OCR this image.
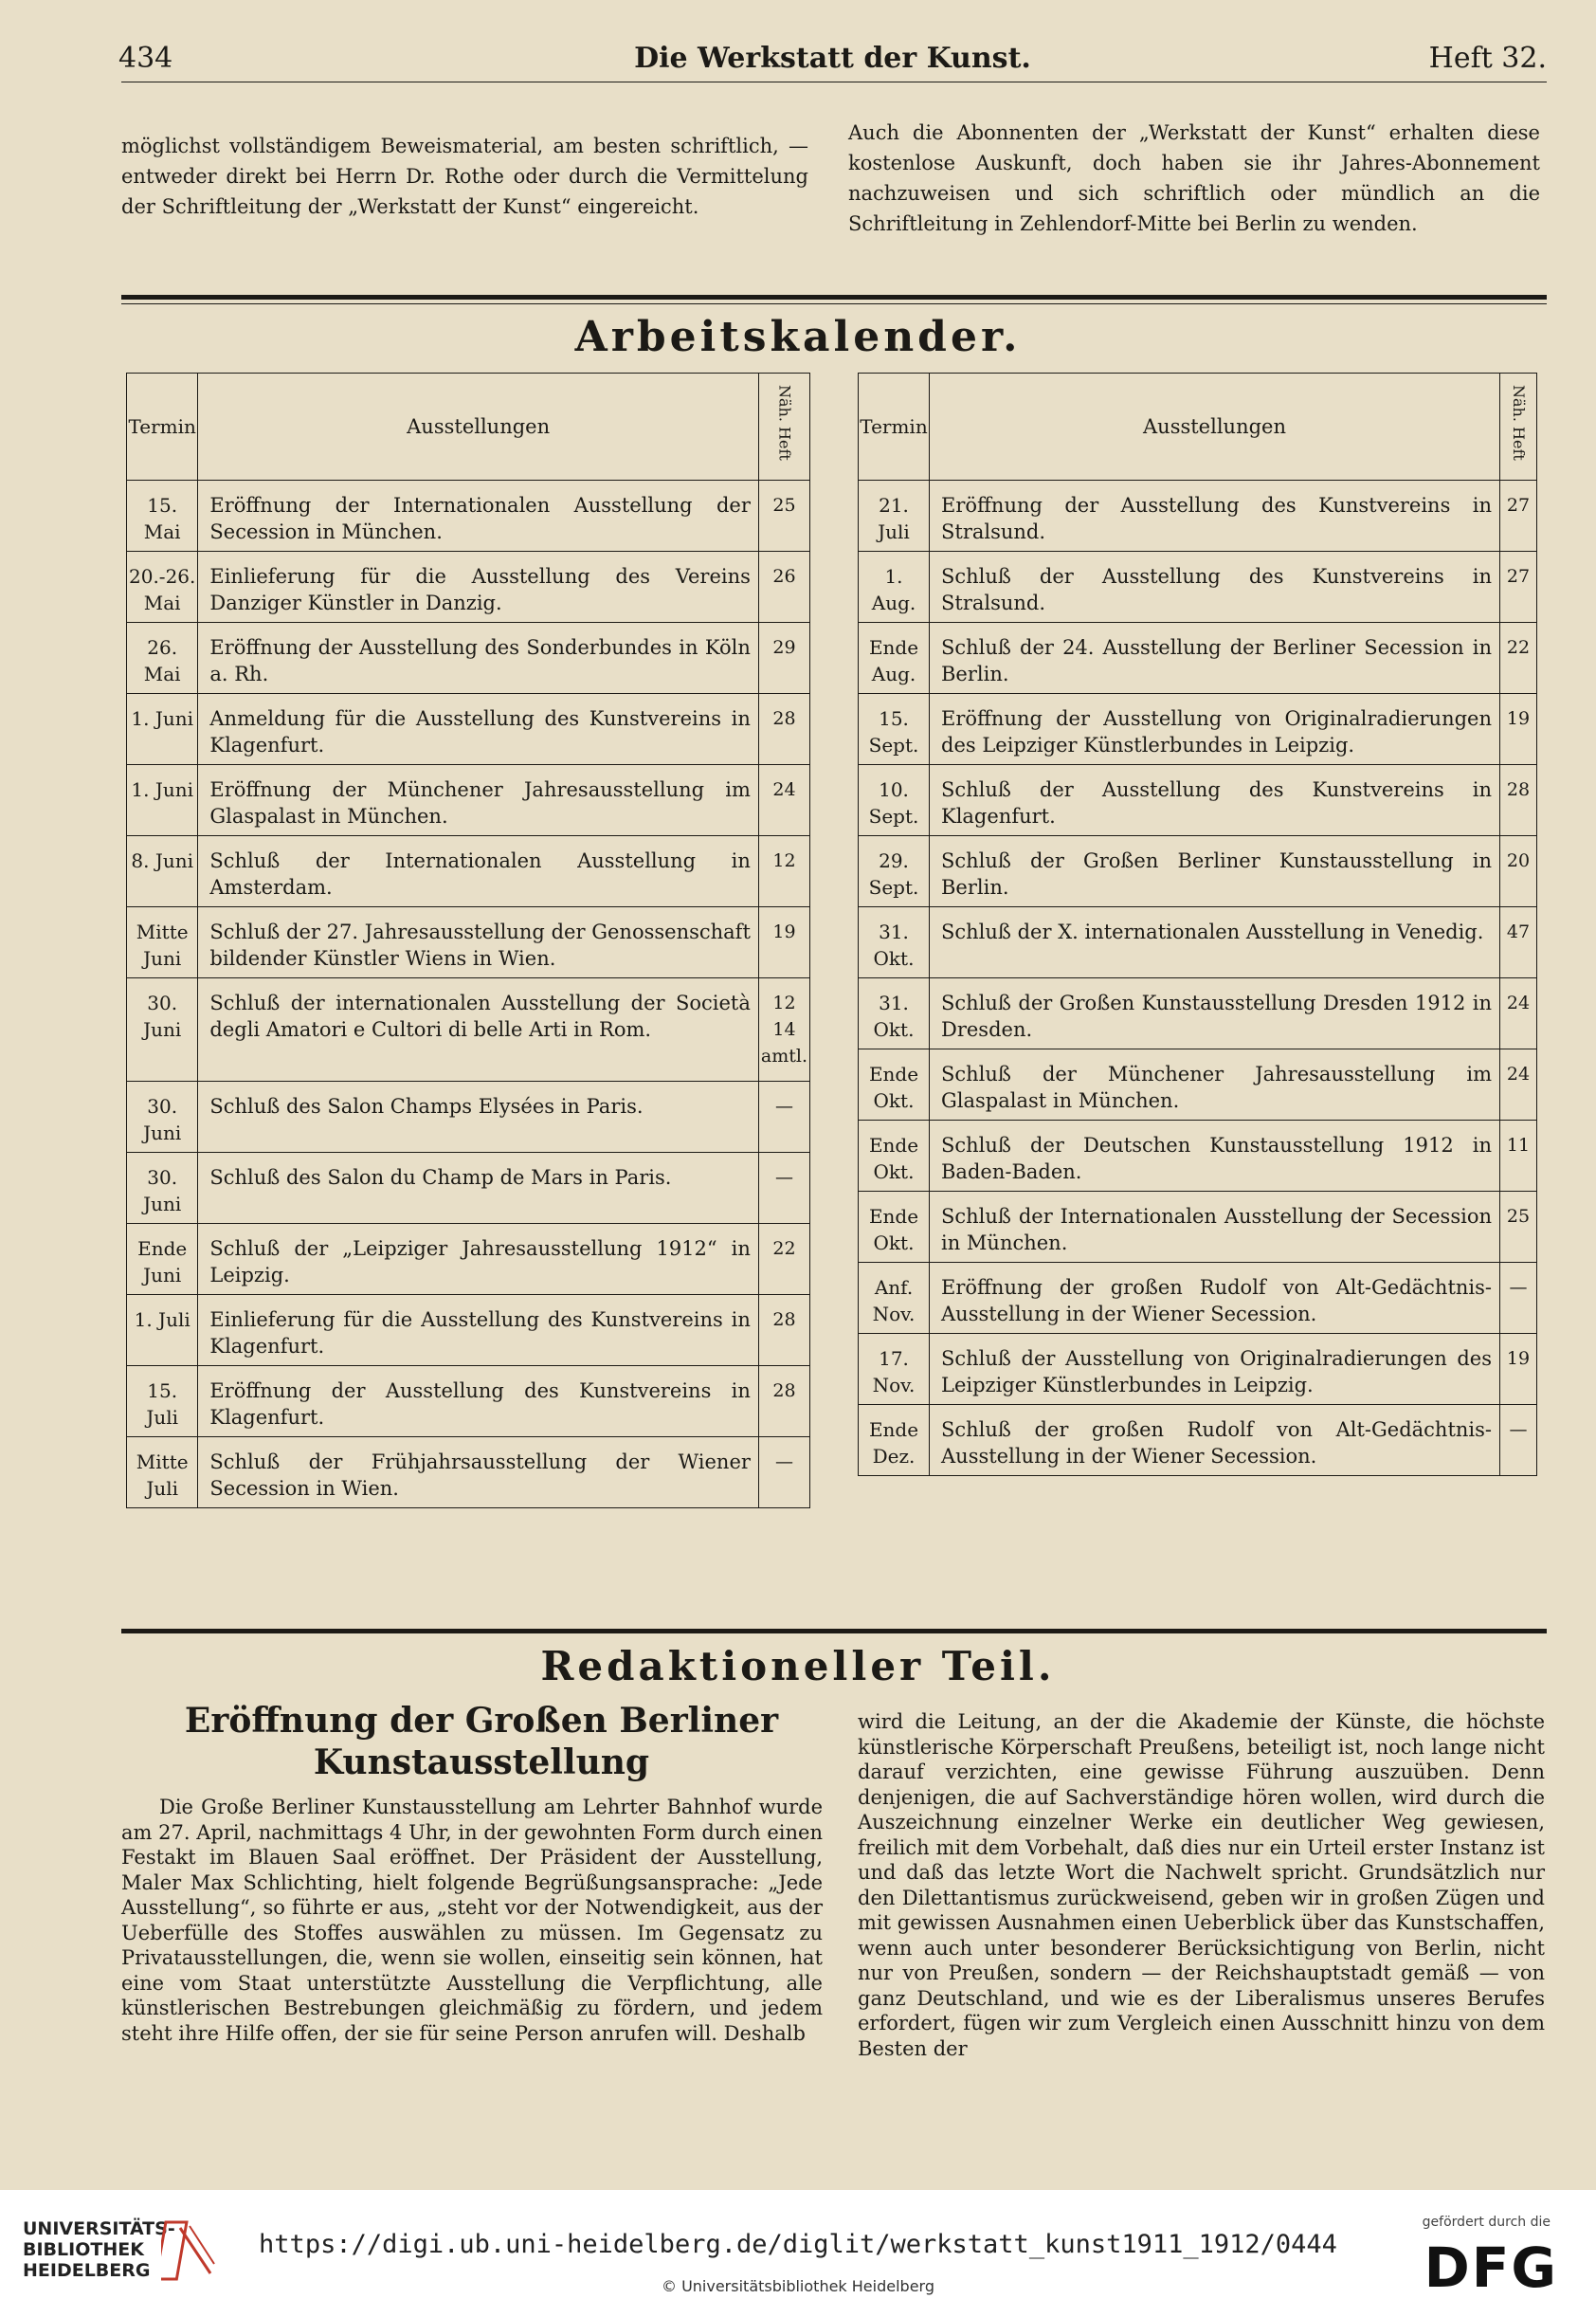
434	Die Werkstatt der Kunst.	Heft 32.
möglichst vollständigem Beweismaterial, am besten schriftlich, — entweder direkt bei Herrn Dr. Rothe oder durch die Vermittelung der Schriftleitung der „Werkstatt der Kunst“ eingereicht.
Auch die Abonnenten der „Werkstatt der Kunst“ erhalten diese kostenlose Auskunft, doch haben sie ihr Jahres-Abonnement nachzuweisen und sich schriftlich oder mündlich an die Schriftleitung in Zehlendorf-Mitte bei Berlin zu wenden.
Arbeitskalender.
Termin	Ausstellungen	Näh. Heft
15. Mai	Eröffnung der Internationalen Ausstellung der Secession in München.	25
20.-26. Mai	Einlieferung für die Ausstellung des Vereins Danziger Künstler in Danzig.	26
26. Mai	Eröffnung der Ausstellung des Sonderbundes in Köln a. Rh.	29
1. Juni	Anmeldung für die Ausstellung des Kunstvereins in Klagenfurt.	28
1. Juni	Eröffnung der Münchener Jahresausstellung im Glaspalast in München.	24
8. Juni	Schluß der Internationalen Ausstellung in Amsterdam.	12
Mitte Juni	Schluß der 27. Jahresausstellung der Genossenschaft bildender Künstler Wiens in Wien.	19
30. Juni	Schluß der internationalen Ausstellung der Società degli Amatori e Cultori di belle Arti in Rom.	12 14 amtl.
30. Juni	Schluß des Salon Champs Elysées in Paris.	—
30. Juni	Schluß des Salon du Champ de Mars in Paris.	—
Ende Juni	Schluß der „Leipziger Jahresausstellung 1912“ in Leipzig.	22
1. Juli	Einlieferung für die Ausstellung des Kunstvereins in Klagenfurt.	28
15. Juli	Eröffnung der Ausstellung des Kunstvereins in Klagenfurt.	28
Mitte Juli	Schluß der Frühjahrsausstellung der Wiener Secession in Wien.	—
Termin	Ausstellungen	Näh. Heft
21. Juli	Eröffnung der Ausstellung des Kunstvereins in Stralsund.	27
1. Aug.	Schluß der Ausstellung des Kunstvereins in Stralsund.	27
Ende Aug.	Schluß der 24. Ausstellung der Berliner Secession in Berlin.	22
15. Sept.	Eröffnung der Ausstellung von Originalradierungen des Leipziger Künstlerbundes in Leipzig.	19
10. Sept.	Schluß der Ausstellung des Kunstvereins in Klagenfurt.	28
29. Sept.	Schluß der Großen Berliner Kunstausstellung in Berlin.	20
31. Okt.	Schluß der X. internationalen Ausstellung in Venedig.	47
31. Okt.	Schluß der Großen Kunstausstellung Dresden 1912 in Dresden.	24
Ende Okt.	Schluß der Münchener Jahresausstellung im Glaspalast in München.	24
Ende Okt.	Schluß der Deutschen Kunstausstellung 1912 in Baden-Baden.	11
Ende Okt.	Schluß der Internationalen Ausstellung der Secession in München.	25
Anf. Nov.	Eröffnung der großen Rudolf von Alt-Gedächtnis-Ausstellung in der Wiener Secession.	—
17. Nov.	Schluß der Ausstellung von Originalradierungen des Leipziger Künstlerbundes in Leipzig.	19
Ende Dez.	Schluß der großen Rudolf von Alt-Gedächtnis-Ausstellung in der Wiener Secession.	—
Redaktioneller Teil.
Eröffnung der Großen Berliner Kunstausstellung
Die Große Berliner Kunstausstellung am Lehrter Bahnhof wurde am 27. April, nachmittags 4 Uhr, in der gewohnten Form durch einen Festakt im Blauen Saal eröffnet. Der Präsident der Ausstellung, Maler Max Schlichting, hielt folgende Begrüßungsansprache: „Jede Ausstellung“, so führte er aus, „steht vor der Notwendigkeit, aus der Ueberfülle des Stoffes auswählen zu müssen. Im Gegensatz zu Privatausstellungen, die, wenn sie wollen, einseitig sein können, hat eine vom Staat unterstützte Ausstellung die Verpflichtung, alle künstlerischen Bestrebungen gleichmäßig zu fördern, und jedem steht ihre Hilfe offen, der sie für seine Person anrufen will. Deshalb
wird die Leitung, an der die Akademie der Künste, die höchste künstlerische Körperschaft Preußens, beteiligt ist, noch lange nicht darauf verzichten, eine gewisse Führung auszuüben. Denn denjenigen, die auf Sachverständige hören wollen, wird durch die Auszeichnung einzelner Werke ein deutlicher Weg gewiesen, freilich mit dem Vorbehalt, daß dies nur ein Urteil erster Instanz ist und daß das letzte Wort die Nachwelt spricht. Grundsätzlich nur den Dilettantismus zurückweisend, geben wir in großen Zügen und mit gewissen Ausnahmen einen Ueberblick über das Kunstschaffen, wenn auch unter besonderer Berücksichtigung von Berlin, nicht nur von Preußen, sondern — der Reichshauptstadt gemäß — von ganz Deutschland, und wie es der Liberalismus unseres Berufes erfordert, fügen wir zum Vergleich einen Ausschnitt hinzu von dem Besten der
UNIVERSITÄTS- BIBLIOTHEK HEIDELBERG
https://digi.ub.uni-heidelberg.de/diglit/werkstatt_kunst1911_1912/0444
© Universitätsbibliothek Heidelberg
gefördert durch die
DFG
